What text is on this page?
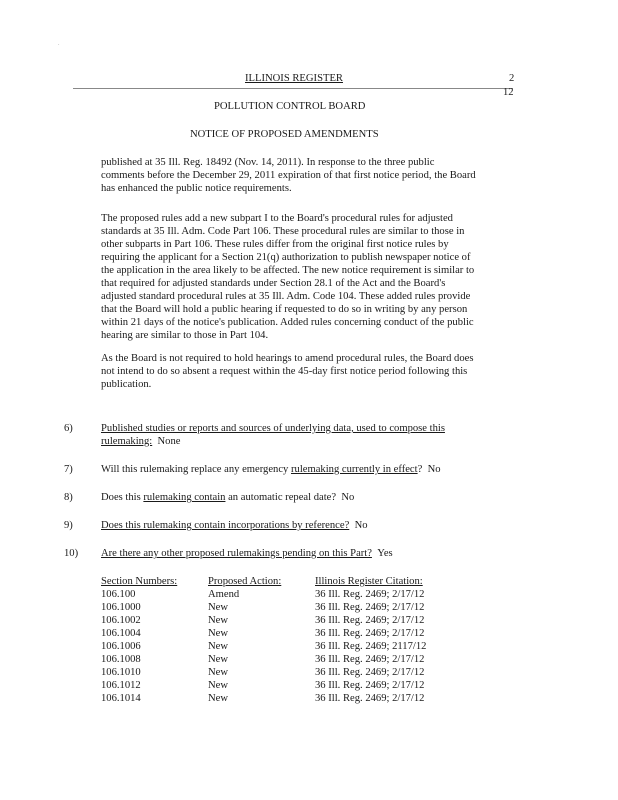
.
ILLINOIS REGISTER	2
12
POLLUTION CONTROL BOARD
NOTICE OF PROPOSED AMENDMENTS
published at 35 Ill. Reg. 18492 (Nov. 14, 2011). In response to the three public
comments before the December 29, 2011 expiration of that first notice period, the Board
has enhanced the public notice requirements.
The proposed rules add a new subpart I to the Board's procedural rules for adjusted
standards at 35 Ill. Adm. Code Part 106. These procedural rules are similar to those in
other subparts in Part 106. These rules differ from the original first notice rules by
requiring the applicant for a Section 21(q) authorization to publish newspaper notice of
the application in the area likely to be affected. The new notice requirement is similar to
that required for adjusted standards under Section 28.1 of the Act and the Board's
adjusted standard procedural rules at 35 Ill. Adm. Code 104. These added rules provide
that the Board will hold a public hearing if requested to do so in writing by any person
within 21 days of the notice's publication. Added rules concerning conduct of the public
hearing are similar to those in Part 104.
As the Board is not required to hold hearings to amend procedural rules, the Board does
not intend to do so absent a request within the 45-day first notice period following this
publication.
6)	Published studies or reports and sources of underlying data, used to compose this
rulemaking: None
7)	Will this rulemaking replace any emergency rulemaking currently in effect? No
8)	Does this rulemaking contain an automatic repeal date? No
9)	Does this rulemaking contain incorporations by reference? No
10) Are there any other proposed rulemakings pending on this Part? Yes
Section Numbers:	Proposed Action:	Illinois Register Citation:
106.100	Amend	36 Ill. Reg. 2469; 2/17/12
106.1000	New	36 Ill. Reg. 2469; 2/17/12
106.1002	New	36 Ill. Reg. 2469; 2/17/12
106.1004	New	36 Ill. Reg. 2469; 2/17/12
106.1006	New	36 Ill. Reg. 2469; 2117/12
106.1008	New	36 Ill. Reg. 2469; 2/17/12
106.1010	New	36 Ill. Reg. 2469; 2/17/12
106.1012	New	36 Ill. Reg. 2469; 2/17/12
106.1014	New	36 Ill. Reg. 2469; 2/17/12
